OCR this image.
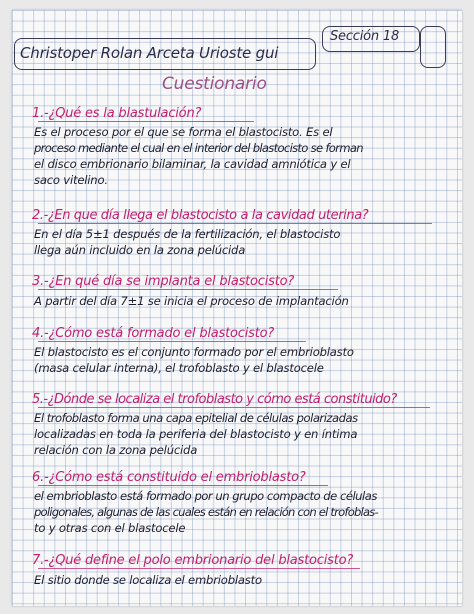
Christoper Rolan Arceta Urioste gui
Sección 18
Cuestionario
1.-¿Qué es la blastulación?
Es el proceso por el que se forma el blastocisto. Es el
proceso mediante el cual en el interior del blastocisto se forman
el disco embrionario bilaminar, la cavidad amniótica y el
saco vitelino.
2.-¿En que día llega el blastocisto a la cavidad uterina?
En el día 5±1 después de la fertilización, el blastocisto
llega aún incluido en la zona pelúcida
3.-¿En qué día se implanta el blastocisto?
A partir del día 7±1 se inicia el proceso de implantación
4.-¿Cómo está formado el blastocisto?
El blastocisto es el conjunto formado por el embrioblasto
(masa celular interna), el trofoblasto y el blastocele
5.-¿Dónde se localiza el trofoblasto y cómo está constituido?
El trofoblasto forma una capa epitelial de células polarizadas
localizadas en toda la periferia del blastocisto y en íntima
relación con la zona pelúcida
6.-¿Cómo está constituido el embrioblasto?
el embrioblasto está formado por un grupo compacto de células
poligonales, algunas de las cuales están en relación con el trofoblas-
to y otras con el blastocele
7.-¿Qué define el polo embrionario del blastocisto?
El sitio donde se localiza el embrioblasto
